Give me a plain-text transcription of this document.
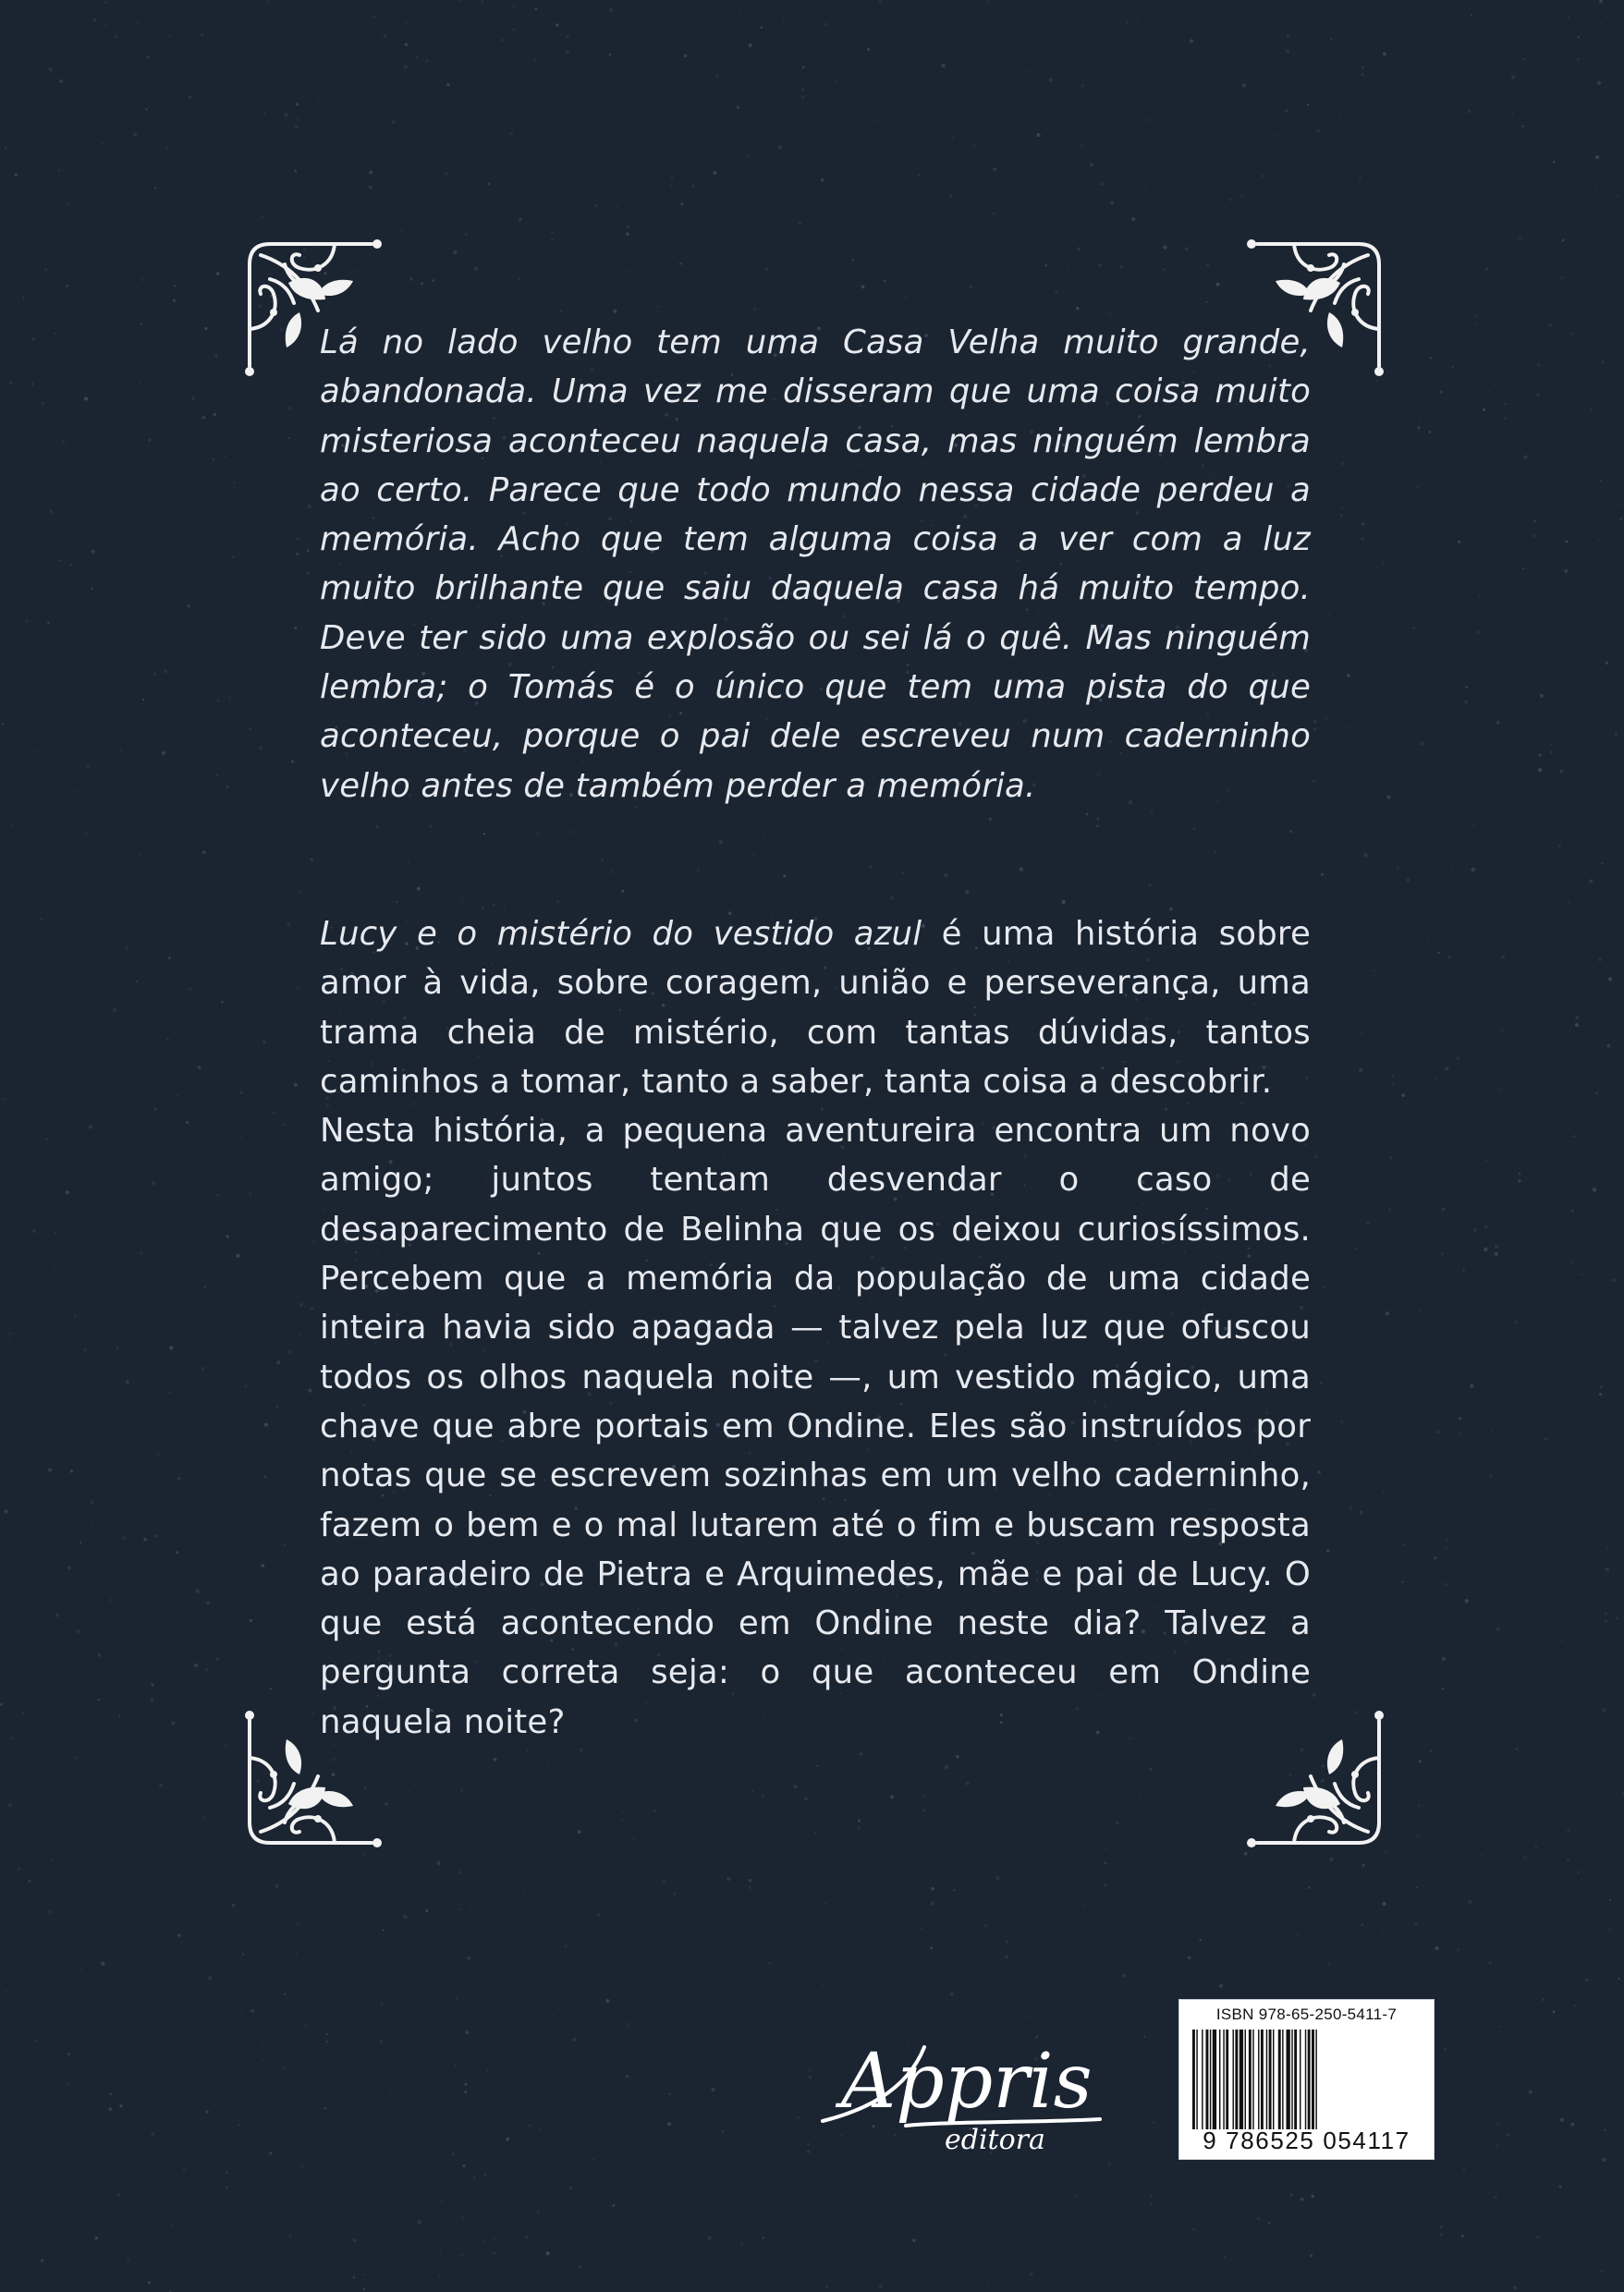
Lá no lado velho tem uma Casa Velha muito grande, abandonada. Uma vez me disseram que uma coisa muito misteriosa aconteceu naquela casa, mas ninguém lembra ao certo. Parece que todo mundo nessa cidade perdeu a memória. Acho que tem alguma coisa a ver com a luz muito brilhante que saiu daquela casa há muito tempo. Deve ter sido uma explosão ou sei lá o quê. Mas ninguém lembra; o Tomás é o único que tem uma pista do que aconteceu, porque o pai dele escreveu num caderninho velho antes de também perder a memória.

Lucy e o mistério do vestido azul é uma história sobre amor à vida, sobre coragem, união e perseverança, uma trama cheia de mistério, com tantas dúvidas, tantos caminhos a tomar, tanto a saber, tanta coisa a descobrir.

Nesta história, a pequena aventureira encontra um novo amigo; juntos tentam desvendar o caso de desaparecimento de Belinha que os deixou curiosíssimos. Percebem que a memória da população de uma cidade inteira havia sido apagada — talvez pela luz que ofuscou todos os olhos naquela noite —, um vestido mágico, uma chave que abre portais em Ondine. Eles são instruídos por notas que se escrevem sozinhas em um velho caderninho, fazem o bem e o mal lutarem até o fim e buscam resposta ao paradeiro de Pietra e Arquimedes, mãe e pai de Lucy. O que está acontecendo em Ondine neste dia? Talvez a pergunta correta seja: o que aconteceu em Ondine naquela noite?

Appris
editora
ISBN 978-65-250-5411-7
9 786525 054117
